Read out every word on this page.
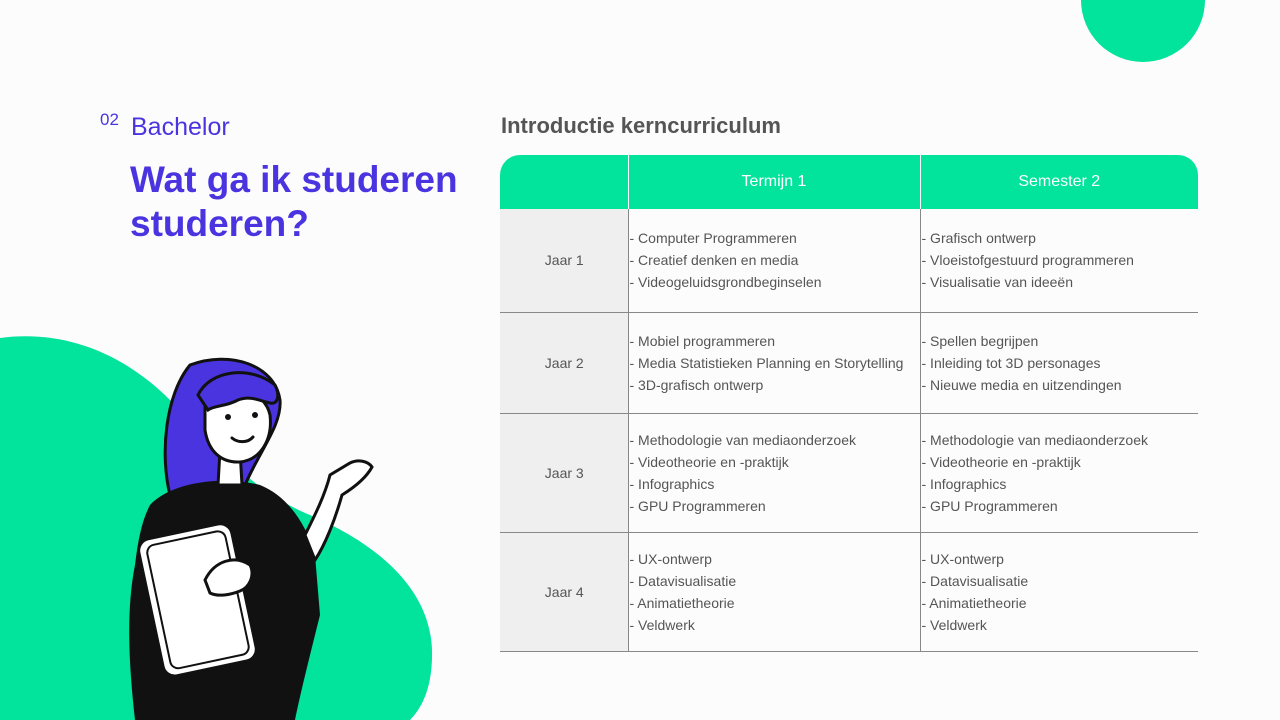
02 Bachelor
Wat ga ik studeren studeren?
Introductie kerncurriculum
	Termijn 1	Semester 2
Jaar 1	- Computer Programmeren
- Creatief denken en media
- Videogeluidsgrondbeginselen	- Grafisch ontwerp
- Vloeistofgestuurd programmeren
- Visualisatie van ideeën

Jaar 2	- Mobiel programmeren
- Media Statistieken Planning en Storytelling
- 3D-grafisch ontwerp	- Spellen begrijpen
- Inleiding tot 3D personages
- Nieuwe media en uitzendingen

Jaar 3	- Methodologie van mediaonderzoek
- Videotheorie en -praktijk
- Infographics
- GPU Programmeren	- Methodologie van mediaonderzoek
- Videotheorie en -praktijk
- Infographics
- GPU Programmeren

Jaar 4	- UX-ontwerp
- Datavisualisatie
- Animatietheorie
- Veldwerk	- UX-ontwerp
- Datavisualisatie
- Animatietheorie
- Veldwerk
